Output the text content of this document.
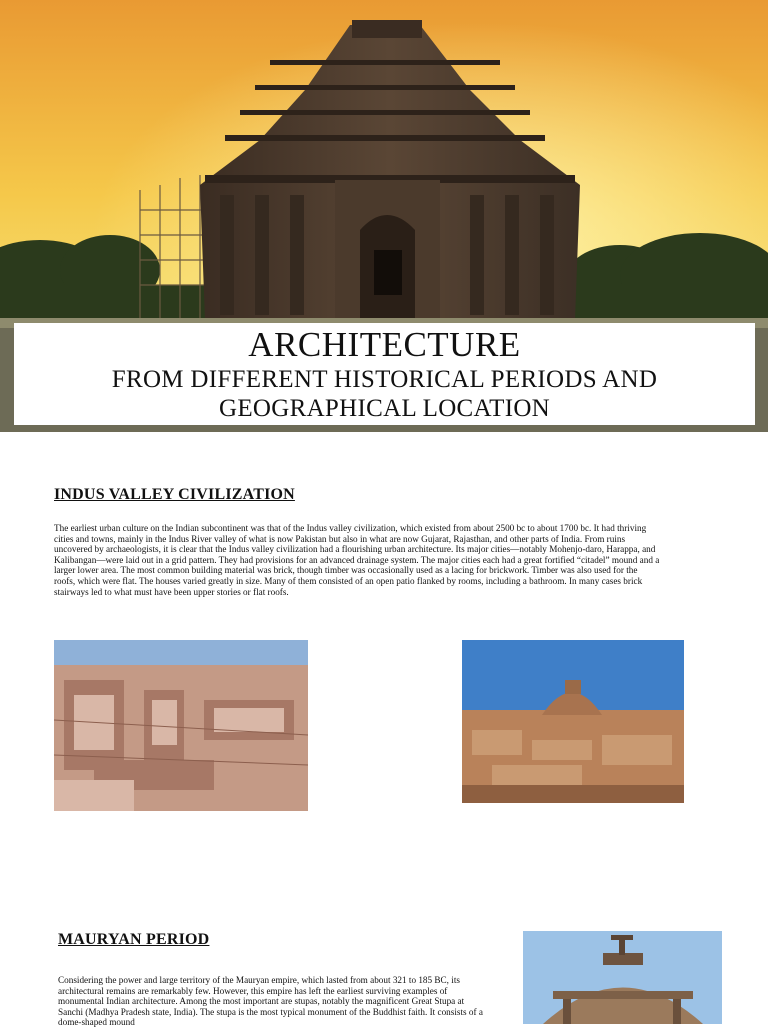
ARCHITECTURE
FROM DIFFERENT HISTORICAL PERIODS AND
GEOGRAPHICAL LOCATION
INDUS VALLEY CIVILIZATION
The earliest urban culture on the Indian subcontinent was that of the Indus valley civilization, which existed from about 2500 bc to about 1700 bc. It had thriving cities and towns, mainly in the Indus River valley of what is now Pakistan but also in what are now Gujarat, Rajasthan, and other parts of India. From ruins uncovered by archaeologists, it is clear that the Indus valley civilization had a flourishing urban architecture. Its major cities—notably Mohenjo-daro, Harappa, and Kalibangan—were laid out in a grid pattern. They had provisions for an advanced drainage system. The major cities each had a great fortified “citadel” mound and a larger lower area. The most common building material was brick, though timber was occasionally used as a lacing for brickwork. Timber was also used for the roofs, which were flat. The houses varied greatly in size. Many of them consisted of an open patio flanked by rooms, including a bathroom. In many cases brick stairways led to what must have been upper stories or flat roofs.
MAURYAN PERIOD
Considering the power and large territory of the Mauryan empire, which lasted from about 321 to 185 BC, its architectural remains are remarkably few. However, this empire has left the earliest surviving examples of monumental Indian architecture. Among the most important are stupas, notably the magnificent Great Stupa at Sanchi (Madhya Pradesh state, India). The stupa is the most typical monument of the Buddhist faith. It consists of a dome-shaped mound
